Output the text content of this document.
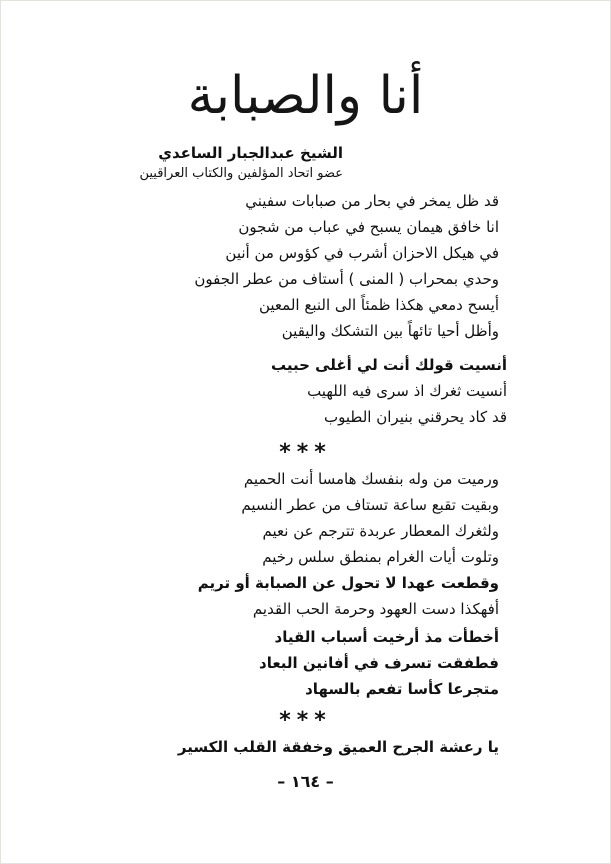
أنا والصبابة
الشيخ عبدالجبار الساعدي
عضو اتحاد المؤلفين والكتاب العراقيين
قد ظل يمخر في بحار من صبابات سفيني
انا خافق هيمان يسبح في عباب من شجون
في هيكل الاحزان أشرب في كؤوس من أنين
وحدي بمحراب ( المنى ) أستاف من عطر الجفون
أيسح دمعي هكذا ظمئاً الى النبع المعين
وأظل أحيا تائهاً بين التشكك واليقين
أنسيت قولك أنت لي أغلى حبيب
أنسيت ثغرك اذ سرى فيه اللهيب
قد كاد يحرقني بنيران الطيوب
***
ورميت من وله بنفسك هامسا أنت الحميم
وبقيت تقبع ساعة تستاف من عطر النسيم
ولثغرك المعطار عربدة تترجم عن نعيم
وتلوت أيات الغرام بمنطق سلس رخيم
وقطعت عهدا لا تحول عن الصبابة أو تريم
أفهكذا دست العهود وحرمة الحب القديم
أخطأت مذ أرخيت أسباب القياد
فطفقت تسرف في أفانين البعاد
متجرعا كأسا تفعم بالسهاد
***
يا رعشة الجرح العميق وخفقة القلب الكسير
– ١٦٤ –
